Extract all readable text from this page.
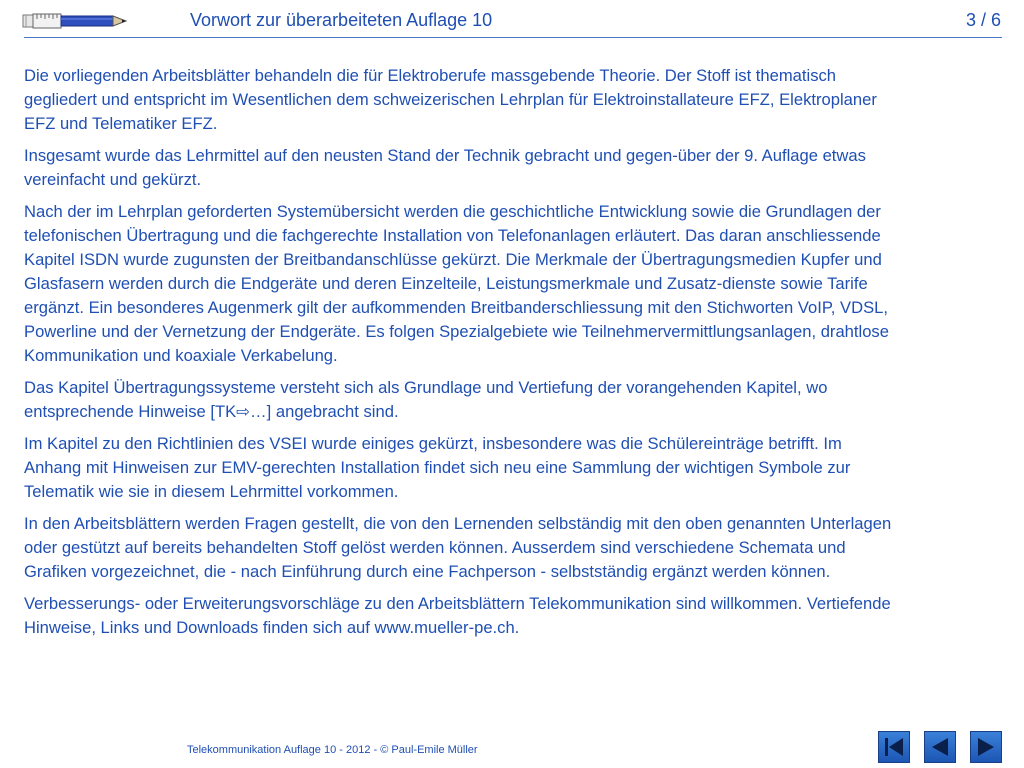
Vorwort zur überarbeiteten Auflage 10	3 / 6

Die vorliegenden Arbeitsblätter behandeln die für Elektroberufe massgebende Theorie. Der Stoff ist thematisch gegliedert und entspricht im Wesentlichen dem schweizerischen Lehrplan für Elektroinstallateure EFZ, Elektroplaner EFZ und Telematiker EFZ.

Insgesamt wurde das Lehrmittel auf den neusten Stand der Technik gebracht und gegen-über der 9. Auflage etwas vereinfacht und gekürzt.

Nach der im Lehrplan geforderten Systemübersicht werden die geschichtliche Entwicklung sowie die Grundlagen der telefonischen Übertragung und die fachgerechte Installation von Telefonanlagen erläutert. Das daran anschliessende Kapitel ISDN wurde zugunsten der Breitbandanschlüsse gekürzt. Die Merkmale der Übertragungsmedien Kupfer und Glasfasern werden durch die Endgeräte und deren Einzelteile, Leistungsmerkmale und Zusatz-dienste sowie Tarife ergänzt. Ein besonderes Augenmerk gilt der aufkommenden Breitbanderschliessung mit den Stichworten VoIP, VDSL, Powerline und der Vernetzung der Endgeräte. Es folgen Spezialgebiete wie Teilnehmervermittlungsanlagen, drahtlose Kommunikation und koaxiale Verkabelung.

Das Kapitel Übertragungssysteme versteht sich als Grundlage und Vertiefung der vorangehenden Kapitel, wo entsprechende Hinweise [TK⇨…] angebracht sind.

Im Kapitel zu den Richtlinien des VSEI wurde einiges gekürzt, insbesondere was die Schülereinträge betrifft. Im Anhang mit Hinweisen zur EMV-gerechten Installation findet sich neu eine Sammlung der wichtigen Symbole zur Telematik wie sie in diesem Lehrmittel vorkommen.

In den Arbeitsblättern werden Fragen gestellt, die von den Lernenden selbständig mit den oben genannten Unterlagen oder gestützt auf bereits behandelten Stoff gelöst werden können. Ausserdem sind verschiedene Schemata und Grafiken vorgezeichnet, die - nach Einführung durch eine Fachperson - selbstständig ergänzt werden können.

Verbesserungs- oder Erweiterungsvorschläge zu den Arbeitsblättern Telekommunikation sind willkommen. Vertiefende Hinweise, Links und Downloads finden sich auf www.mueller-pe.ch.

Telekommunikation Auflage 10 - 2012 - © Paul-Emile Müller
